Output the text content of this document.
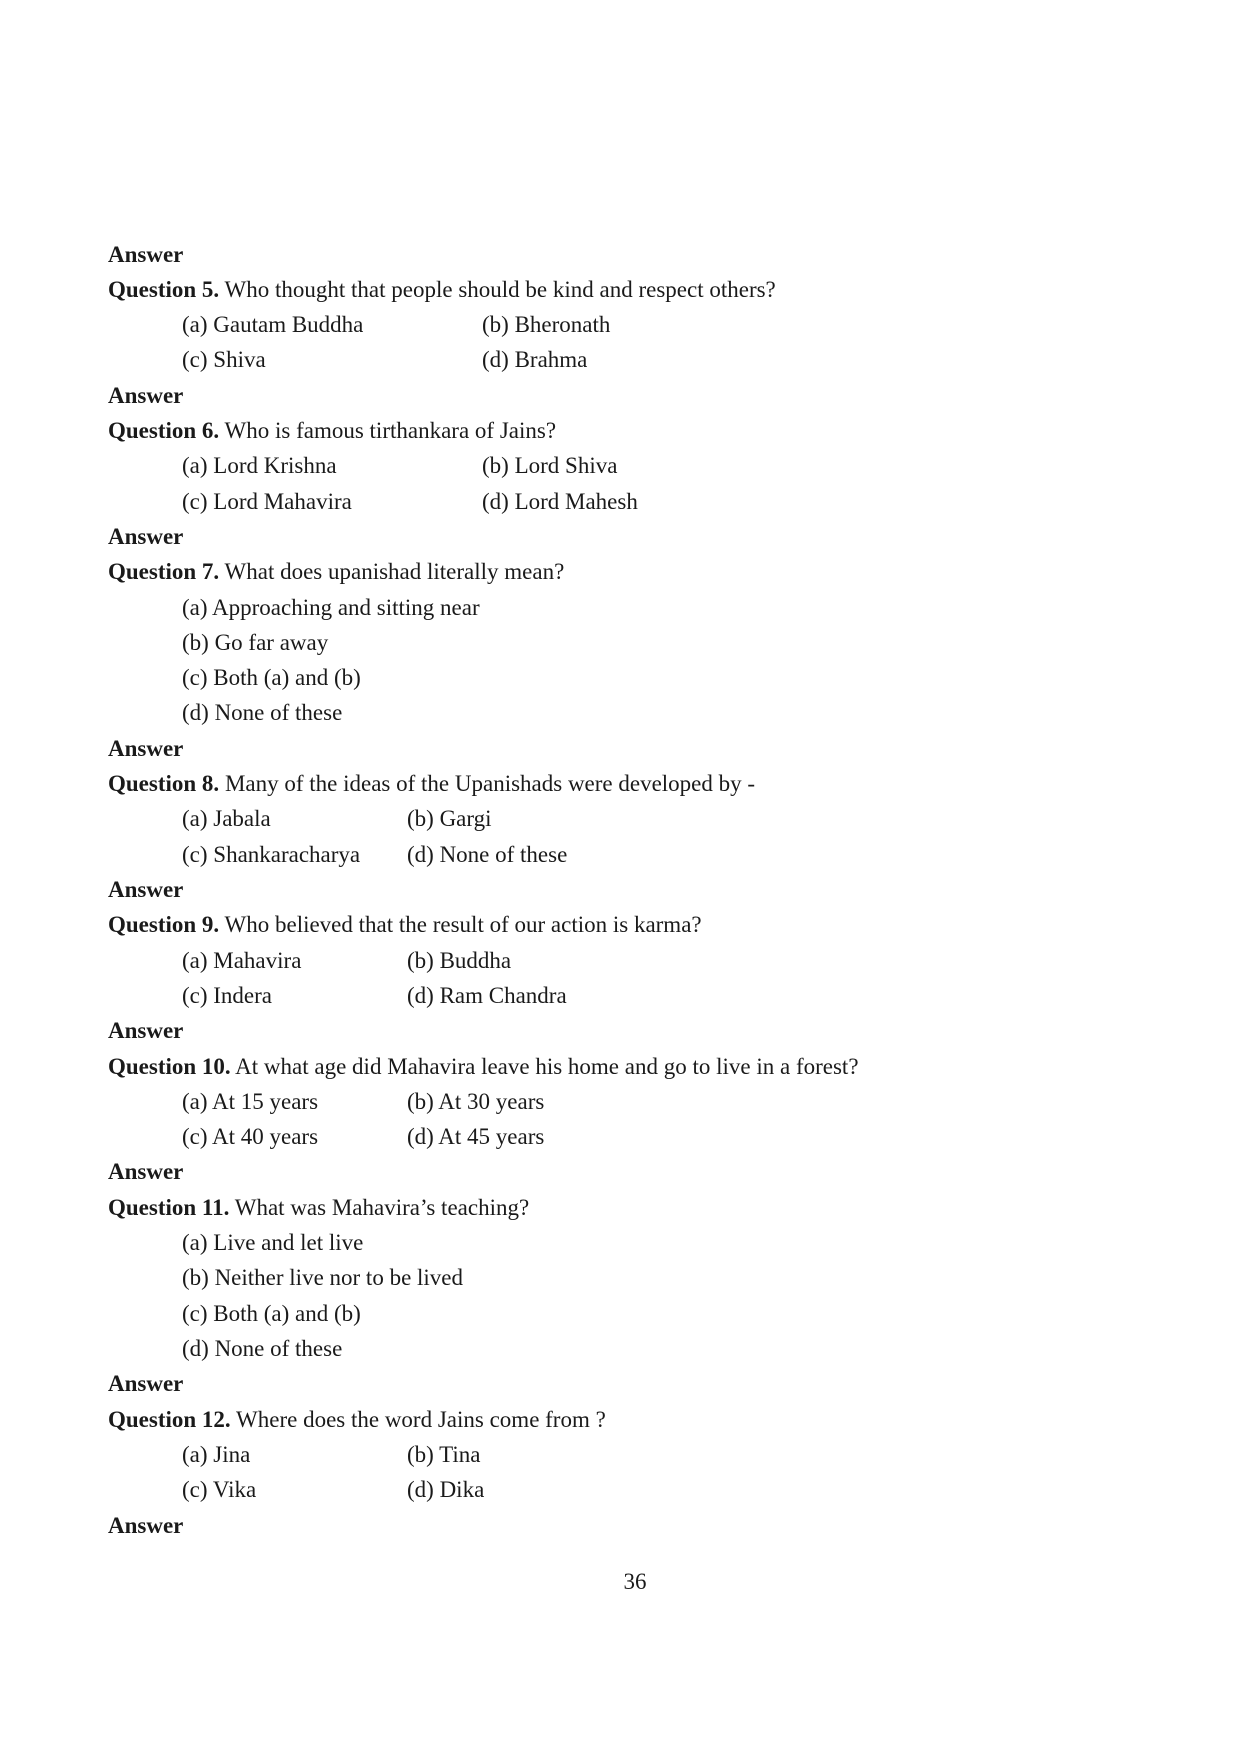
Answer
Question 5. Who thought that people should be kind and respect others?
(a) Gautam Buddha	(b) Bheronath
(c) Shiva	(d) Brahma
Answer
Question 6. Who is famous tirthankara of Jains?
(a) Lord Krishna	(b) Lord Shiva
(c) Lord Mahavira	(d) Lord Mahesh
Answer
Question 7. What does upanishad literally mean?
(a) Approaching and sitting near
(b) Go far away
(c) Both (a) and (b)
(d) None of these
Answer
Question 8. Many of the ideas of the Upanishads were developed by -
(a) Jabala	(b) Gargi
(c) Shankaracharya (d) None of these
Answer
Question 9. Who believed that the result of our action is karma?
(a) Mahavira	(b) Buddha
(c) Indera	(d) Ram Chandra
Answer
Question 10. At what age did Mahavira leave his home and go to live in a forest?
(a) At 15 years	(b) At 30 years
(c) At 40 years	(d) At 45 years
Answer
Question 11. What was Mahavira’s teaching?
(a) Live and let live
(b) Neither live nor to be lived
(c) Both (a) and (b)
(d) None of these
Answer
Question 12. Where does the word Jains come from ?
(a) Jina	(b) Tina
(c) Vika	(d) Dika
Answer
36
